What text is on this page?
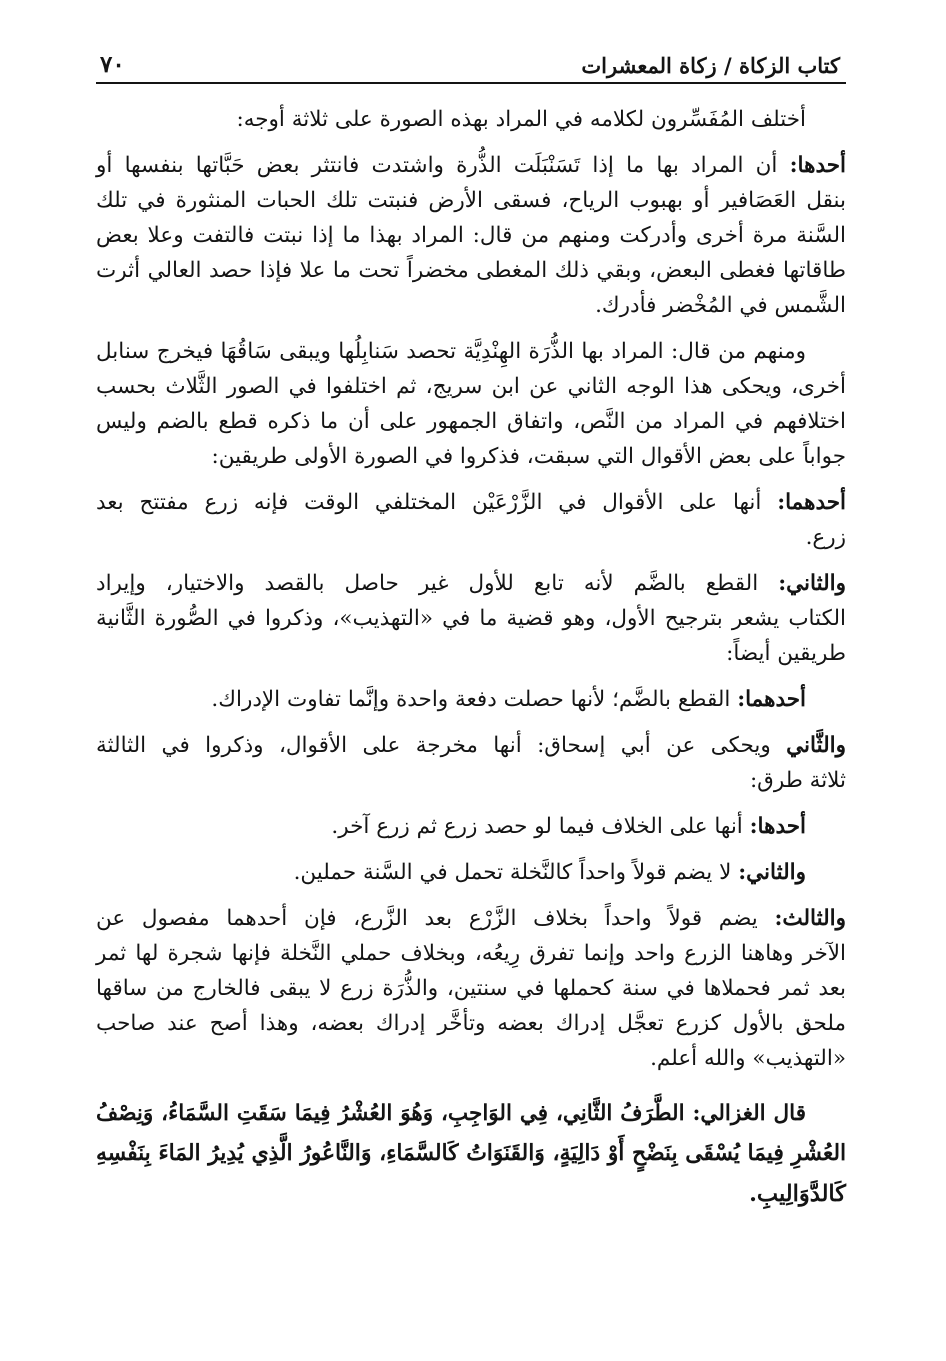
كتاب الزكاة / زكاة المعشرات
٧٠
أختلف المُفَسِّرون لكلامه في المراد بهذه الصورة على ثلاثة أوجه:
أحدها: أن المراد بها ما إذا تَسَنْبَلَت الذُّرة واشتدت فانتثر بعض حَبَّاتها بنفسها أو
بنقل العَصَافير أو بهبوب الرياح، فسقى الأرض فنبتت تلك الحبات المنثورة في تلك
السَّنة مرة أخرى وأدركت ومنهم من قال: المراد بهذا ما إذا نبتت فالتفت وعلا بعض
طاقاتها فغطى البعض، وبقي ذلك المغطى مخضراً تحت ما علا فإذا حصد العالي أثرت
الشَّمس في المُخْضر فأدرك.
ومنهم من قال: المراد بها الذُّرَة الهِنْدِيَّة تحصد سَنابِلُها ويبقى سَاقُهَا فيخرج سنابل
أخرى، ويحكى هذا الوجه الثاني عن ابن سريج، ثم اختلفوا في الصور الثَّلاث بحسب
اختلافهم في المراد من النَّص، واتفاق الجمهور على أن ما ذكره قطع بالضم وليس
جواباً على بعض الأقوال التي سبقت، فذكروا في الصورة الأولى طريقين:
أحدهما: أنها على الأقوال في الزَّرْعَيْن المختلفي الوقت فإنه زرع مفتتح بعد
زرع.
والثاني: القطع بالضَّم لأنه تابع للأول غير حاصل بالقصد والاختيار، وإيراد
الكتاب يشعر بترجيح الأول، وهو قضية ما في «التهذيب»، وذكروا في الصُّورة الثَّانية
طريقين أيضاً:
أحدهما: القطع بالضَّم؛ لأنها حصلت دفعة واحدة وإنَّما تفاوت الإدراك.
والثَّاني ويحكى عن أبي إسحاق: أنها مخرجة على الأقوال، وذكروا في الثالثة
ثلاثة طرق:
أحدها: أنها على الخلاف فيما لو حصد زرع ثم زرع آخر.
والثاني: لا يضم قولاً واحداً كالنَّخلة تحمل في السَّنة حملين.
والثالث: يضم قولاً واحداً بخلاف الزَّرْع بعد الزَّرع، فإن أحدهما مفصول عن
الآخر وهاهنا الزرع واحد وإنما تفرق رِيعُه، وبخلاف حملي النَّخلة فإنها شجرة لها ثمر
بعد ثمر فحملاها في سنة كحملها في سنتين، والذُّرَة زرع لا يبقى فالخارج من ساقها
ملحق بالأول كزرع تعجَّل إدراك بعضه وتأخَّر إدراك بعضه، وهذا أصح عند صاحب
«التهذيب» والله أعلم.
قال الغزالي: الطَّرَفُ الثَّانِي، فِي الوَاجِبِ، وَهُوَ العُشْرُ فِيمَا سَقَتِ السَّمَاءُ، وَنِصْفُ
العُشْرِ فِيمَا يُسْقَى بِنَضْحٍ أَوْ دَالِيَةٍ، وَالقَنَوَاتُ كَالسَّمَاءِ، وَالنَّاعُورُ الَّذِي يُدِيرُ المَاءَ بِنَفْسِهِ
كَالدَّوَالِيبِ.
